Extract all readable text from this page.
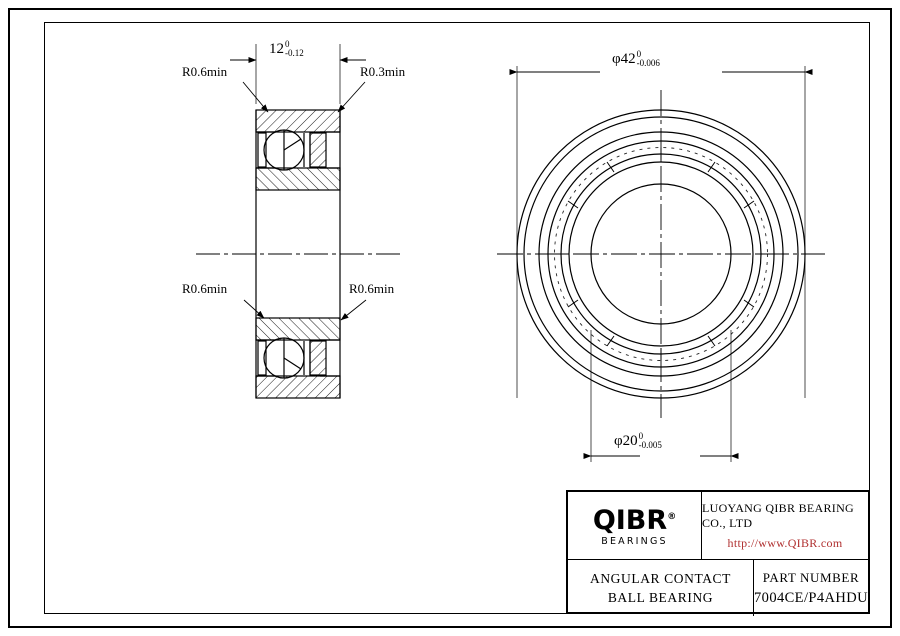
12 0
-0.12
R0.6min	R0.3min
R0.6min	R0.6min
φ42 0
-0.006
φ20 0
-0.005
QIBR®
BEARINGS
LUOYANG QIBR BEARING CO., LTD
http://www.QIBR.com
ANGULAR CONTACT
BALL BEARING
PART NUMBER
7004CE/P4AHDU
